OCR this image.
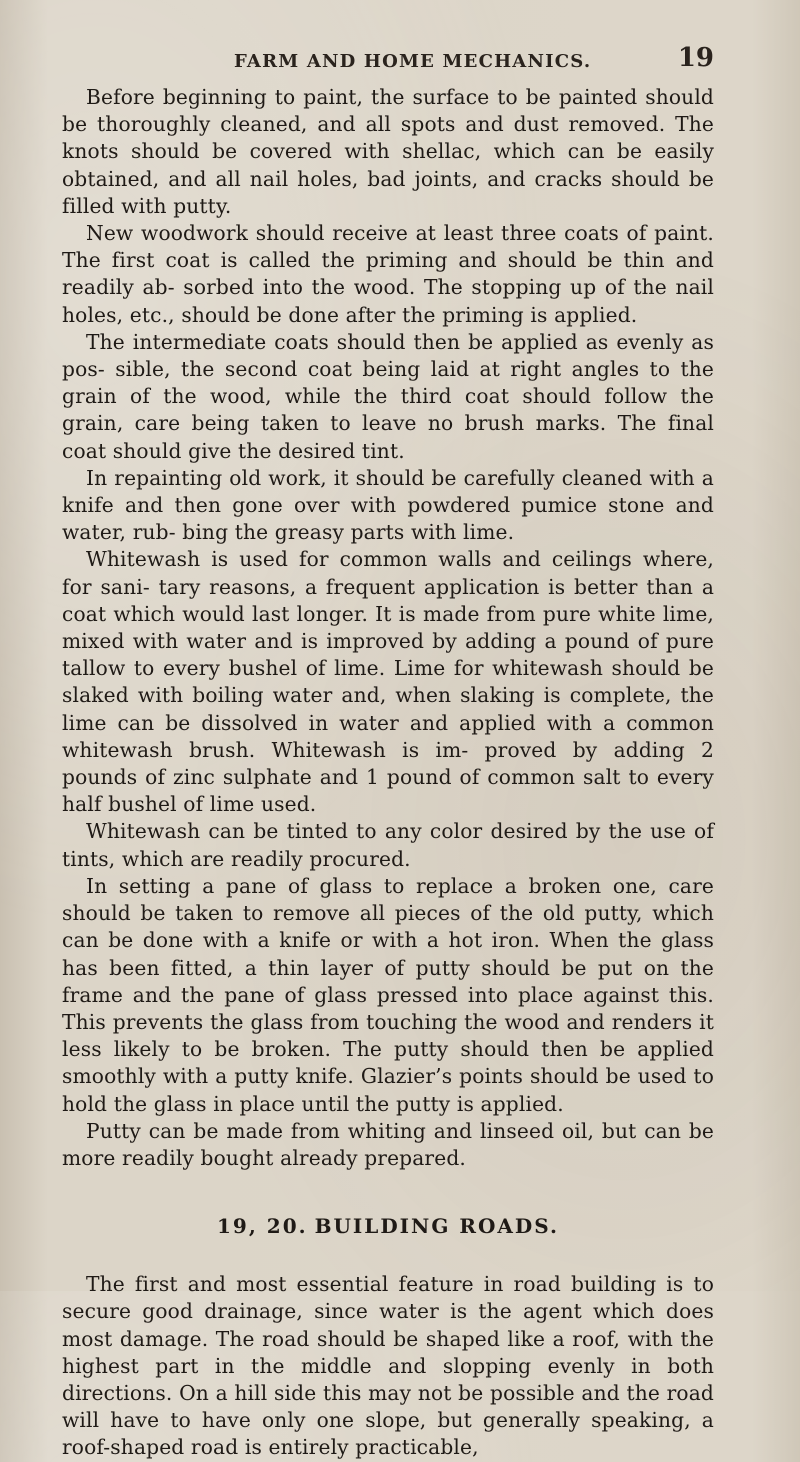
FARM AND HOME MECHANICS.	19

Before beginning to paint, the surface to be painted should be thoroughly cleaned, and all spots and dust removed. The knots should be covered with shellac, which can be easily obtained, and all nail holes, bad joints, and cracks should be filled with putty.

New woodwork should receive at least three coats of paint. The first coat is called the priming and should be thin and readily ab- sorbed into the wood. The stopping up of the nail holes, etc., should be done after the priming is applied.

The intermediate coats should then be applied as evenly as pos- sible, the second coat being laid at right angles to the grain of the wood, while the third coat should follow the grain, care being taken to leave no brush marks. The final coat should give the desired tint.

In repainting old work, it should be carefully cleaned with a knife and then gone over with powdered pumice stone and water, rub- bing the greasy parts with lime.

Whitewash is used for common walls and ceilings where, for sani- tary reasons, a frequent application is better than a coat which would last longer. It is made from pure white lime, mixed with water and is improved by adding a pound of pure tallow to every bushel of lime. Lime for whitewash should be slaked with boiling water and, when slaking is complete, the lime can be dissolved in water and applied with a common whitewash brush. Whitewash is im- proved by adding 2 pounds of zinc sulphate and 1 pound of common salt to every half bushel of lime used.

Whitewash can be tinted to any color desired by the use of tints, which are readily procured.

In setting a pane of glass to replace a broken one, care should be taken to remove all pieces of the old putty, which can be done with a knife or with a hot iron. When the glass has been fitted, a thin layer of putty should be put on the frame and the pane of glass pressed into place against this. This prevents the glass from touching the wood and renders it less likely to be broken. The putty should then be applied smoothly with a putty knife. Glazier’s points should be used to hold the glass in place until the putty is applied.

Putty can be made from whiting and linseed oil, but can be more readily bought already prepared.

19, 20. BUILDING ROADS.

The first and most essential feature in road building is to secure good drainage, since water is the agent which does most damage. The road should be shaped like a roof, with the highest part in the middle and slopping evenly in both directions. On a hill side this may not be possible and the road will have to have only one slope, but generally speaking, a roof-shaped road is entirely practicable,
